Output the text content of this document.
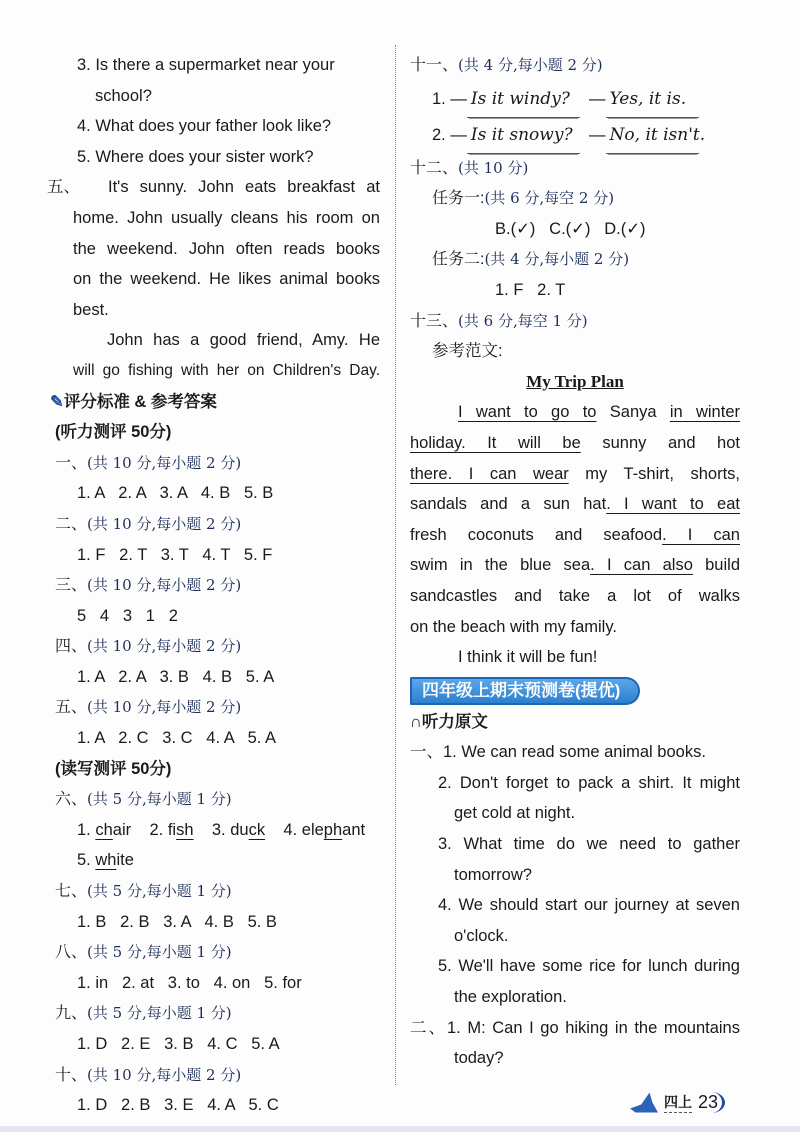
3. Is there a supermarket near your
school?
4. What does your father look like?
5. Where does your sister work?
五、	It's sunny. John eats breakfast at
home. John usually cleans his room on
the weekend. John often reads books
on the weekend. He likes animal books
best.
John has a good friend, Amy. He
will go fishing with her on Children's Day.
✎评分标准 & 参考答案
(听力测评 50分)
一、(共 10 分,每小题 2 分)
1. A   2. A   3. A   4. B   5. B
二、(共 10 分,每小题 2 分)
1. F   2. T   3. T   4. T   5. F
三、(共 10 分,每小题 2 分)
5   4   3   1   2
四、(共 10 分,每小题 2 分)
1. A   2. A   3. B   4. B   5. A
五、(共 10 分,每小题 2 分)
1. A   2. C   3. C   4. A   5. A
(读写测评 50分)
六、(共 5 分,每小题 1 分)
1. chair 2. fish 3. duck 4. elephant
5. white
七、(共 5 分,每小题 1 分)
1. B   2. B   3. A   4. B   5. B
八、(共 5 分,每小题 1 分)
1. in   2. at   3. to   4. on   5. for
九、(共 5 分,每小题 1 分)
1. D   2. E   3. B   4. C   5. A
十、(共 10 分,每小题 2 分)
1. D   2. B   3. E   4. A   5. C
十一、(共 4 分,每小题 2 分)
1. — Is it windy? — Yes, it is.
2. — Is it snowy? — No, it isn't.
十二、(共 10 分)
任务一:(共 6 分,每空 2 分)
B.(✓)   C.(✓)   D.(✓)
任务二:(共 4 分,每小题 2 分)
1. F   2. T
十三、(共 6 分,每空 1 分)
参考范文:
My Trip Plan
I want to go to Sanya in winter
holiday. It will be sunny and hot
there. I can wear my T-shirt, shorts,
sandals and a sun hat. I want to eat
fresh coconuts and seafood. I can
swim in the blue sea. I can also build
sandcastles and take a lot of walks
on the beach with my family.
I think it will be fun!
四年级上期末预测卷(提优)
∩听力原文
一、1. We can read some animal books.
2. Don't forget to pack a shirt. It might
get cold at night.
3. What time do we need to gather
tomorrow?
4. We should start our journey at seven
o'clock.
5. We'll have some rice for lunch during
the exploration.
二、1. M: Can I go hiking in the mountains
today?
四上 23
